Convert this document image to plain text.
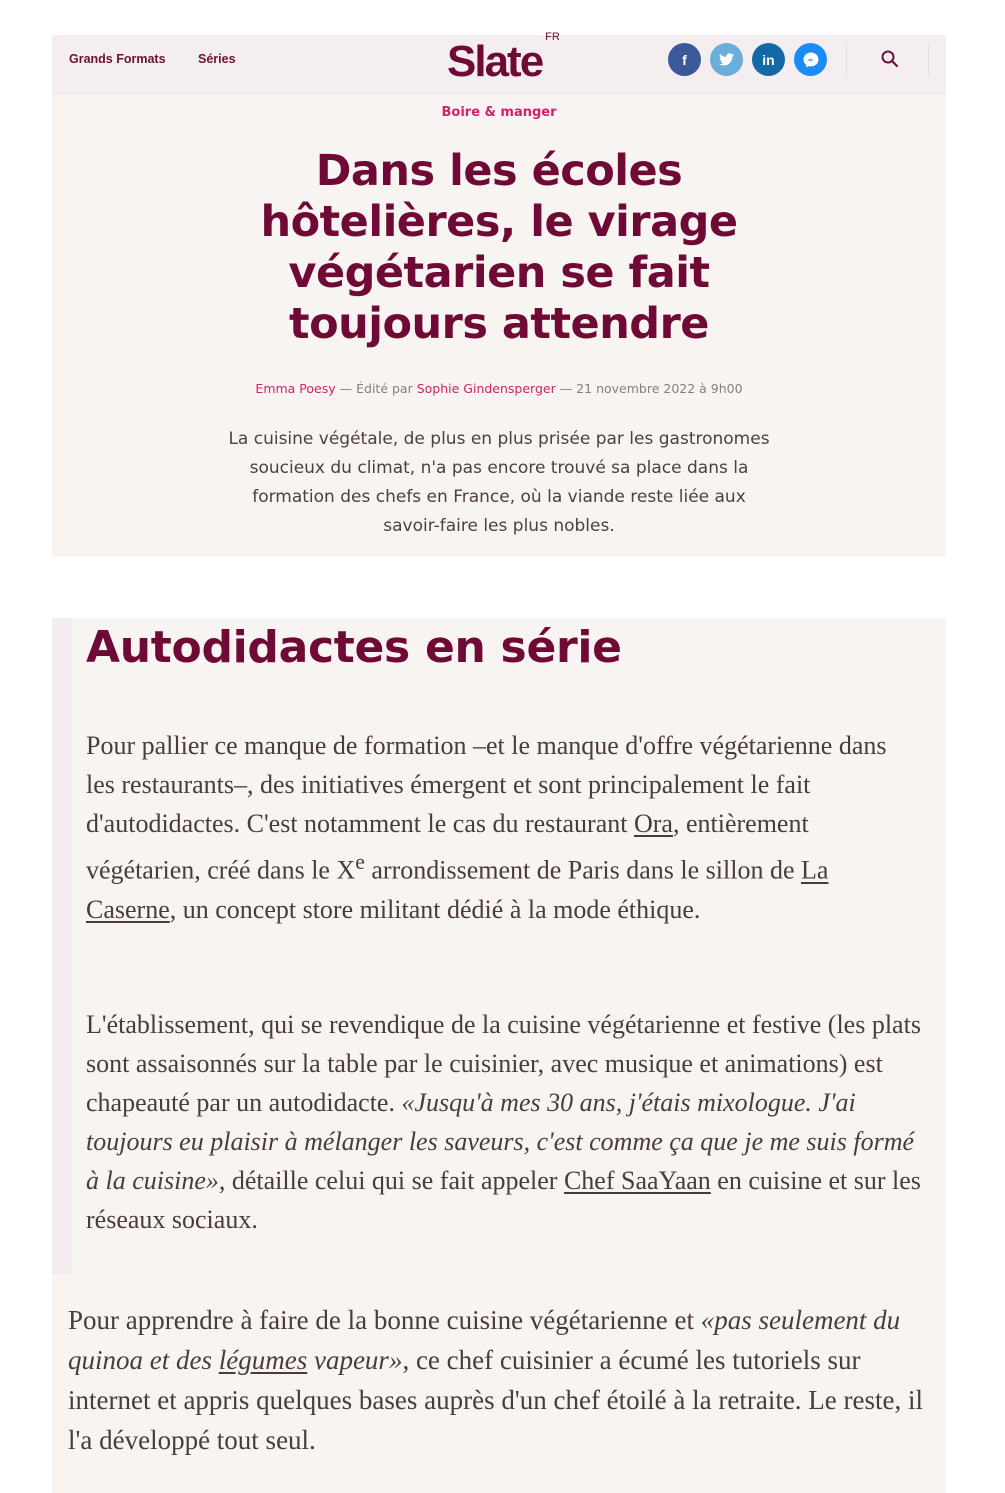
Grands Formats	Séries	Slate $^{FR}$
f	in
Boire & manger
Dans les écoles hôtelières, le virage végétarien se fait toujours attendre
Emma Poesy — Édité par Sophie Gindensperger — 21 novembre 2022 à 9h00

La cuisine végétale, de plus en plus prisée par les gastronomes soucieux du climat, n'a pas encore trouvé sa place dans la formation des chefs en France, où la viande reste liée aux savoir-faire les plus nobles.

Autodidactes en série

Pour pallier ce manque de formation –et le manque d'offre végétarienne dans les restaurants–, des initiatives émergent et sont principalement le fait d'autodidactes. C'est notamment le cas du restaurant Ora, entièrement végétarien, créé dans le Xe arrondissement de Paris dans le sillon de La Caserne, un concept store militant dédié à la mode éthique.

L'établissement, qui se revendique de la cuisine végétarienne et festive (les plats sont assaisonnés sur la table par le cuisinier, avec musique et animations) est chapeauté par un autodidacte. «Jusqu'à mes 30 ans, j'étais mixologue. J'ai toujours eu plaisir à mélanger les saveurs, c'est comme ça que je me suis formé à la cuisine», détaille celui qui se fait appeler Chef SaaYaan en cuisine et sur les réseaux sociaux.

Pour apprendre à faire de la bonne cuisine végétarienne et «pas seulement du quinoa et des légumes vapeur», ce chef cuisinier a écumé les tutoriels sur internet et appris quelques bases auprès d'un chef étoilé à la retraite. Le reste, il l'a développé tout seul.
